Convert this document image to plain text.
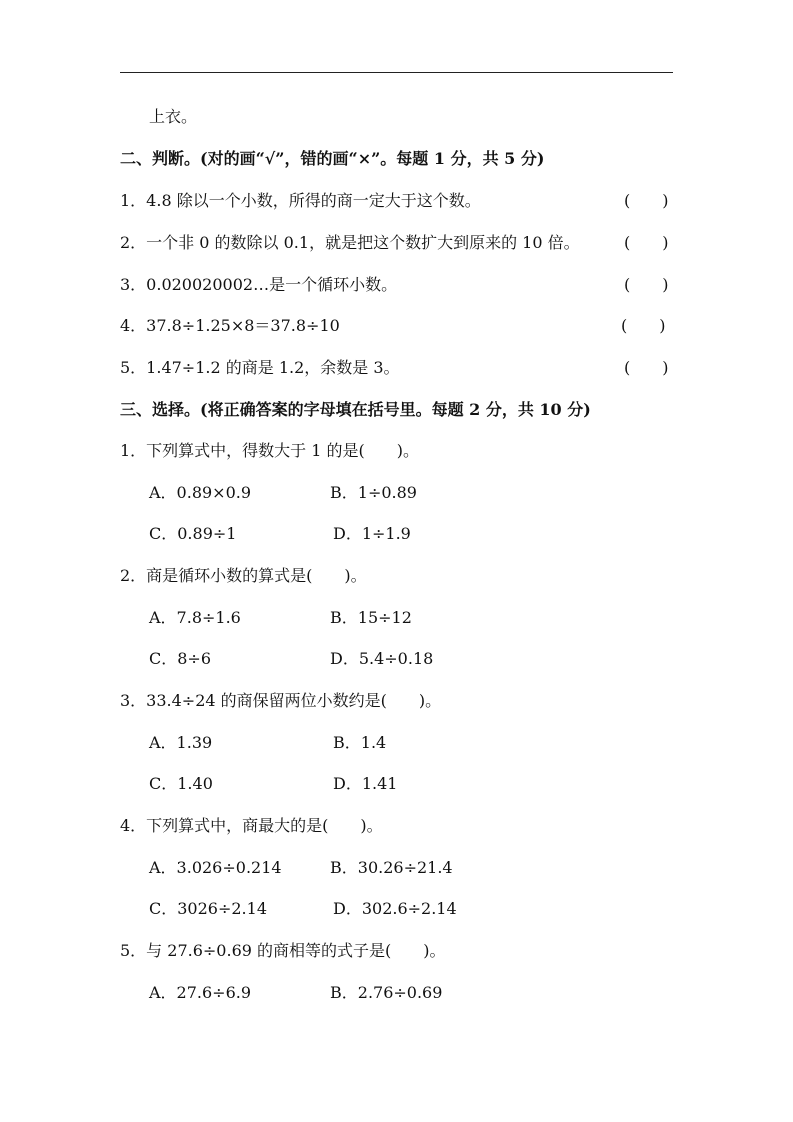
上衣。
二、判断。(对的画“√”，错的画“×”。每题 1 分，共 5 分)
1．4.8 除以一个小数，所得的商一定大于这个数。	(　　)
2．一个非 0 的数除以 0.1，就是把这个数扩大到原来的 10 倍。	(　　)
3．0.020020002…是一个循环小数。	(　　)
4．37.8÷1.25×8＝37.8÷10	(　　)
5．1.47÷1.2 的商是 1.2，余数是 3。	(　　)
三、选择。(将正确答案的字母填在括号里。每题 2 分，共 10 分)
1．下列算式中，得数大于 1 的是(　　)。
A．0.89×0.9	B．1÷0.89
C．0.89÷1	D．1÷1.9
2．商是循环小数的算式是(　　)。
A．7.8÷1.6	B．15÷12
C．8÷6	D．5.4÷0.18
3．33.4÷24 的商保留两位小数约是(　　)。
A．1.39	B．1.4
C．1.40	D．1.41
4．下列算式中，商最大的是(　　)。
A．3.026÷0.214	B．30.26÷21.4
C．3026÷2.14	D．302.6÷2.14
5．与 27.6÷0.69 的商相等的式子是(　　)。
A．27.6÷6.9	B．2.76÷0.69
